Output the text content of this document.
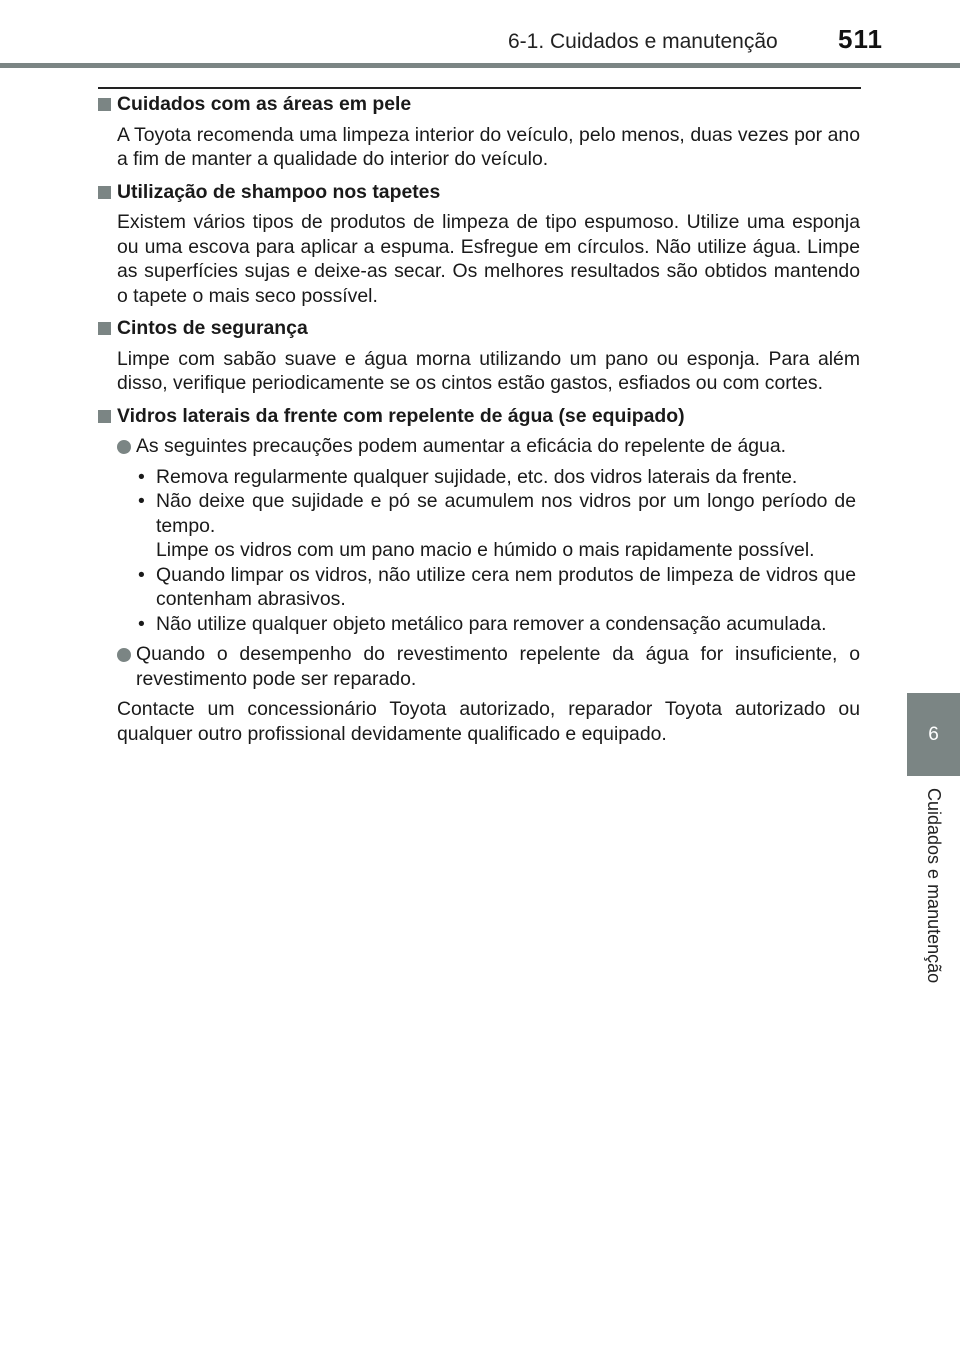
6-1. Cuidados e manutenção 511
6
Cuidados e manutenção
Cuidados com as áreas em pele
A Toyota recomenda uma limpeza interior do veículo, pelo menos, duas vezes por ano a fim de manter a qualidade do interior do veículo.
Utilização de shampoo nos tapetes
Existem vários tipos de produtos de limpeza de tipo espumoso. Utilize uma esponja ou uma escova para aplicar a espuma. Esfregue em círculos. Não utilize água. Limpe as superfícies sujas e deixe-as secar. Os melhores resultados são obtidos mantendo o tapete o mais seco possível.
Cintos de segurança
Limpe com sabão suave e água morna utilizando um pano ou esponja. Para além disso, verifique periodicamente se os cintos estão gastos, esfiados ou com cortes.
Vidros laterais da frente com repelente de água (se equipado)
As seguintes precauções podem aumentar a eficácia do repelente de água.
• Remova regularmente qualquer sujidade, etc. dos vidros laterais da frente.
• Não deixe que sujidade e pó se acumulem nos vidros por um longo período de tempo.
Limpe os vidros com um pano macio e húmido o mais rapidamente possível.
• Quando limpar os vidros, não utilize cera nem produtos de limpeza de vidros que contenham abrasivos.
• Não utilize qualquer objeto metálico para remover a condensação acumulada.
Quando o desempenho do revestimento repelente da água for insuficiente, o revestimento pode ser reparado.
Contacte um concessionário Toyota autorizado, reparador Toyota autorizado ou qualquer outro profissional devidamente qualificado e equipado.
